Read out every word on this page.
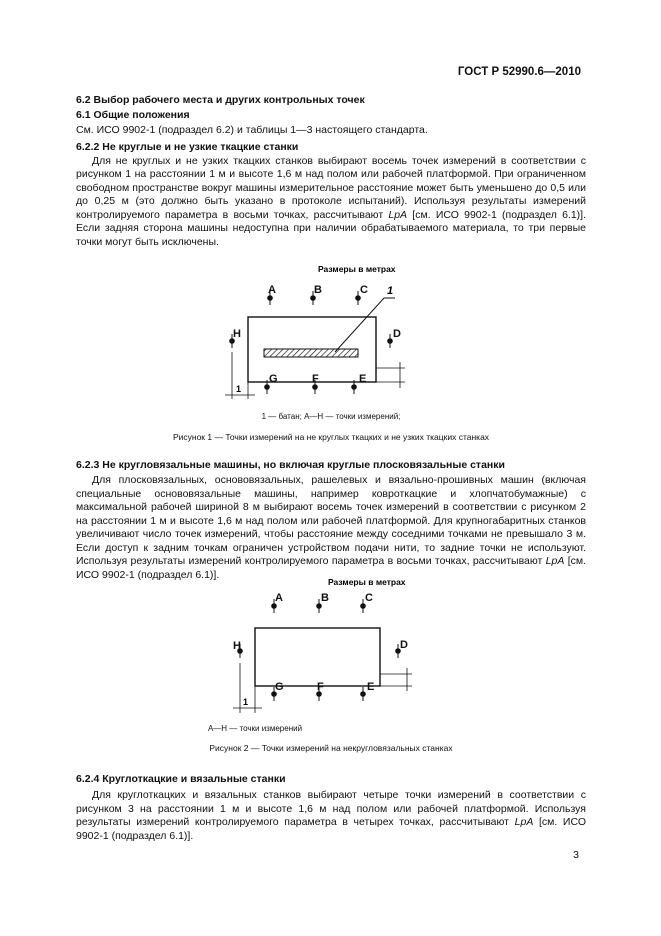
ГОСТ Р 52990.6—2010

6.2 Выбор рабочего места и других контрольных точек

6.1 Общие положения

См. ИСО 9902-1 (подраздел 6.2) и таблицы 1—3 настоящего стандарта.

6.2.2 Не круглые и не узкие ткацкие станки

Для не круглых и не узких ткацких станков выбирают восемь точек измерений в соответствии с рисунком 1 на расстоянии 1 м и высоте 1,6 м над полом или рабочей платформой. При ограниченном свободном пространстве вокруг машины измерительное расстояние может быть уменьшено до 0,5 или до 0,25 м (это должно быть указано в протоколе испытаний). Используя результаты измерений контролируемого параметра в восьми точках, рассчитывают LpA [см. ИСО 9902-1 (подраздел 6.1)]. Если задняя сторона машины недоступна при наличии обрабатываемого материала, то три первые точки могут быть исключены.

Размеры в метрах
1
A	B	C
D
E
F
G
H
1
1 — батан; A—H — точки измерений;
Рисунок 1 — Точки измерений на не круглых ткацких и не узких ткацких станках

6.2.3 Не кругловязальные машины, но включая круглые плосковязальные станки

Для плосковязальных, основовязальных, рашелевых и вязально-прошивных машин (включая специальные основовязальные машины, например ковроткацкие и хлопчатобумажные) с максимальной рабочей шириной 8 м выбирают восемь точек измерений в соответствии с рисунком 2 на расстоянии 1 м и высоте 1,6 м над полом или рабочей платформой. Для крупногабаритных станков увеличивают число точек измерений, чтобы расстояние между соседними точками не превышало 3 м. Если доступ к задним точкам ограничен устройством подачи нити, то задние точки не используют. Используя результаты измерений контролируемого параметра в восьми точках, рассчитывают LpA [см. ИСО 9902-1 (подраздел 6.1)].

Размеры в метрах
A	B	C
D
E
F
G
H
1
A—H — точки измерений
Рисунок 2 — Точки измерений на некругловязальных станках

6.2.4 Круглоткацкие и вязальные станки

Для круглоткацких и вязальных станков выбирают четыре точки измерений в соответствии с рисунком 3 на расстоянии 1 м и высоте 1,6 м над полом или рабочей платформой. Используя результаты измерений контролируемого параметра в четырех точках, рассчитывают LpA [см. ИСО 9902-1 (подраздел 6.1)].

3
